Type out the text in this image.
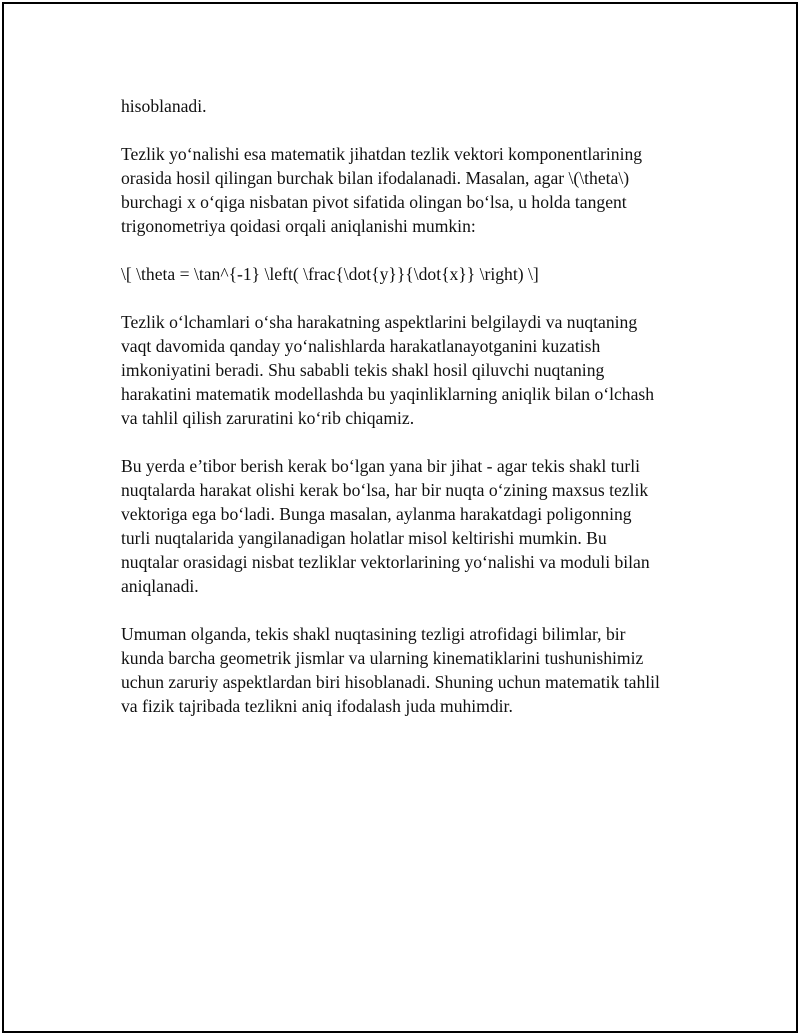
hisoblanadi.

Tezlik yo‘nalishi esa matematik jihatdan tezlik vektori komponentlarining
orasida hosil qilingan burchak bilan ifodalanadi. Masalan, agar \(\theta\)
burchagi x o‘qiga nisbatan pivot sifatida olingan bo‘lsa, u holda tangent
trigonometriya qoidasi orqali aniqlanishi mumkin:

\[ \theta = \tan^{-1} \left( \frac{\dot{y}}{\dot{x}} \right) \]

Tezlik o‘lchamlari o‘sha harakatning aspektlarini belgilaydi va nuqtaning
vaqt davomida qanday yo‘nalishlarda harakatlanayotganini kuzatish
imkoniyatini beradi. Shu sababli tekis shakl hosil qiluvchi nuqtaning
harakatini matematik modellashda bu yaqinliklarning aniqlik bilan o‘lchash
va tahlil qilish zaruratini ko‘rib chiqamiz.

Bu yerda e’tibor berish kerak bo‘lgan yana bir jihat - agar tekis shakl turli
nuqtalarda harakat olishi kerak bo‘lsa, har bir nuqta o‘zining maxsus tezlik
vektoriga ega bo‘ladi. Bunga masalan, aylanma harakatdagi poligonning
turli nuqtalarida yangilanadigan holatlar misol keltirishi mumkin. Bu
nuqtalar orasidagi nisbat tezliklar vektorlarining yo‘nalishi va moduli bilan
aniqlanadi.

Umuman olganda, tekis shakl nuqtasining tezligi atrofidagi bilimlar, bir
kunda barcha geometrik jismlar va ularning kinematiklarini tushunishimiz
uchun zaruriy aspektlardan biri hisoblanadi. Shuning uchun matematik tahlil
va fizik tajribada tezlikni aniq ifodalash juda muhimdir.
